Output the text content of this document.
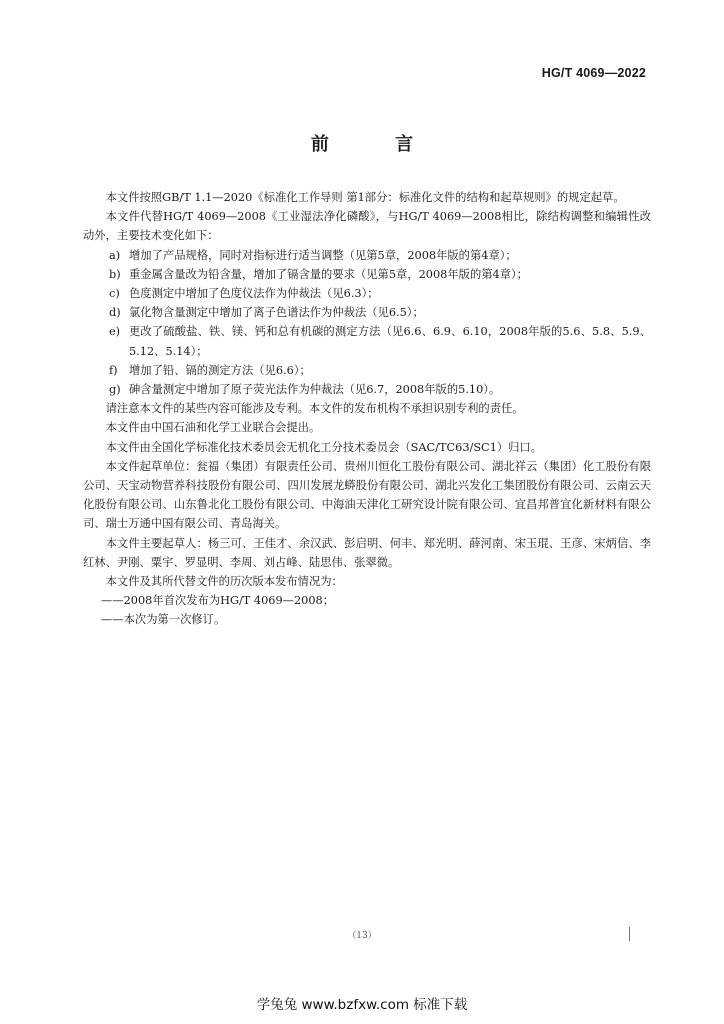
HG/T 4069—2022
前 言

本文件按照GB/T 1.1—2020《标准化工作导则 第1部分：标准化文件的结构和起草规则》的规定起草。

本文件代替HG/T 4069—2008《工业湿法净化磷酸》，与HG/T 4069—2008相比，除结构调整和编辑性改动外，主要技术变化如下：

a) 增加了产品规格，同时对指标进行适当调整（见第5章，2008年版的第4章）；

b) 重金属含量改为铅含量，增加了镉含量的要求（见第5章，2008年版的第4章）；

c) 色度测定中增加了色度仪法作为仲裁法（见6.3）；

d) 氯化物含量测定中增加了离子色谱法作为仲裁法（见6.5）；

e) 更改了硫酸盐、铁、镁、钙和总有机碳的测定方法（见6.6、6.9、6.10，2008年版的5.6、5.8、5.9、5.12、5.14）；

f) 增加了铅、镉的测定方法（见6.6）；

g) 砷含量测定中增加了原子荧光法作为仲裁法（见6.7，2008年版的5.10）。

请注意本文件的某些内容可能涉及专利。本文件的发布机构不承担识别专利的责任。

本文件由中国石油和化学工业联合会提出。

本文件由全国化学标准化技术委员会无机化工分技术委员会（SAC/TC63/SC1）归口。

本文件起草单位：瓮福（集团）有限责任公司、贵州川恒化工股份有限公司、湖北祥云（集团）化工股份有限公司、天宝动物营养科技股份有限公司、四川发展龙蟒股份有限公司、湖北兴发化工集团股份有限公司、云南云天化股份有限公司、山东鲁北化工股份有限公司、中海油天津化工研究设计院有限公司、宜昌邦普宜化新材料有限公司、瑞士万通中国有限公司、青岛海关。

本文件主要起草人：杨三可、王佳才、余汉武、彭启明、何丰、郑光明、薛河南、宋玉琨、王彦、宋炳信、李红林、尹刚、粟宇、罗显明、李周、刘占峰、陆思伟、张翠微。

本文件及其所代替文件的历次版本发布情况为：

——2008年首次发布为HG/T 4069—2008；

——本次为第一次修订。

（13）
学兔兔 www.bzfxw.com 标准下载
